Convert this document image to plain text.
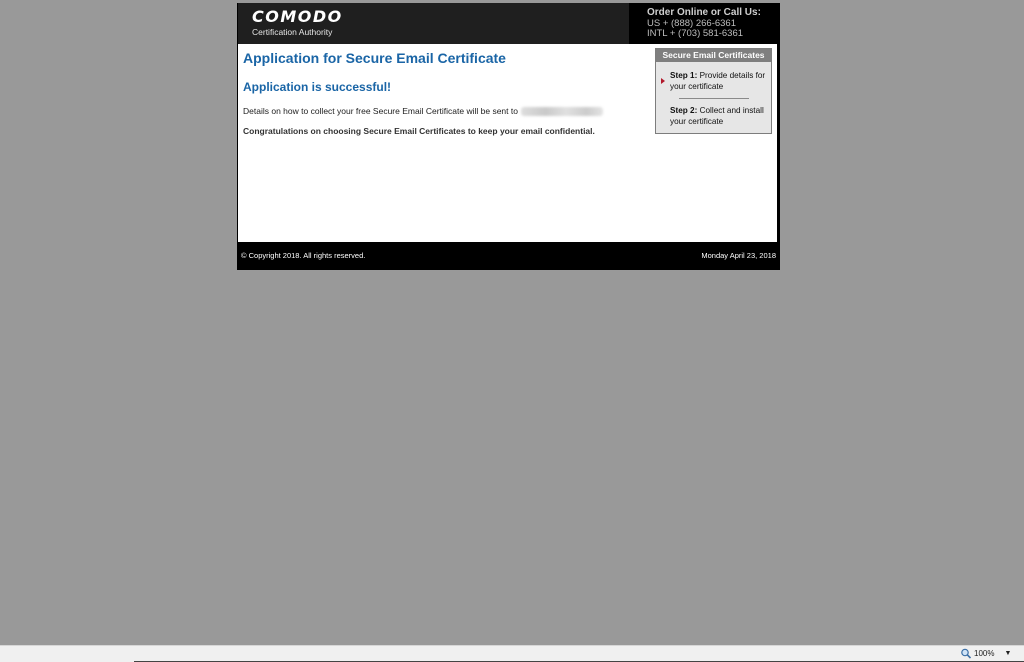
COMODO
Certification Authority
Order Online or Call Us:
US + (888) 266-6361
INTL + (703) 581-6361
Application for Secure Email Certificate
Application is successful!
Details on how to collect your free Secure Email Certificate will be sent to
Congratulations on choosing Secure Email Certificates to keep your email confidential.
Secure Email Certificates
Step 1: Provide details for your certificate
Step 2: Collect and install your certificate
© Copyright 2018. All rights reserved.	Monday April 23, 2018
100% ▼
